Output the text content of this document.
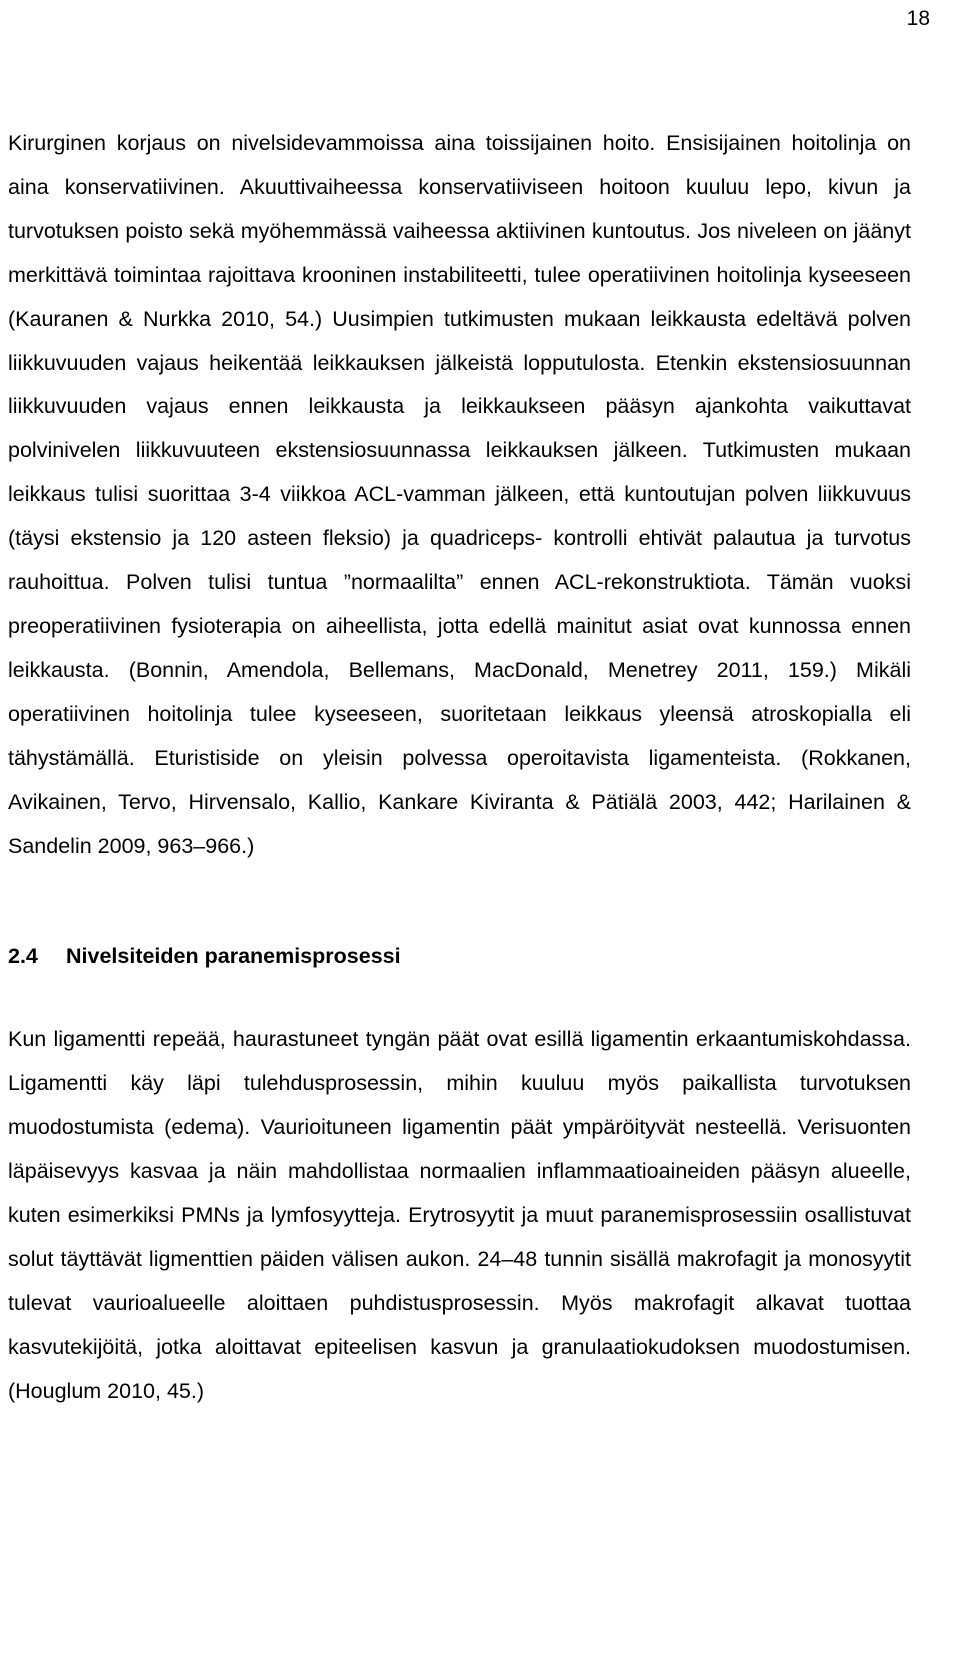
18

Kirurginen korjaus on nivelsidevammoissa aina toissijainen hoito. Ensisijainen hoitolinja on aina konservatiivinen. Akuuttivaiheessa konservatiiviseen hoitoon kuuluu lepo, kivun ja turvotuksen poisto sekä myöhemmässä vaiheessa aktiivinen kuntoutus. Jos niveleen on jäänyt merkittävä toimintaa rajoittava krooninen instabiliteetti, tulee operatiivinen hoitolinja kyseeseen (Kauranen & Nurkka 2010, 54.) Uusimpien tutkimusten mukaan leikkausta edeltävä polven liikkuvuuden vajaus heikentää leikkauksen jälkeistä lopputulosta. Etenkin ekstensiosuunnan liikkuvuuden vajaus ennen leikkausta ja leikkaukseen pääsyn ajankohta vaikuttavat polvinivelen liikkuvuuteen ekstensiosuunnassa leikkauksen jälkeen. Tutkimusten mukaan leikkaus tulisi suorittaa 3-4 viikkoa ACL-vamman jälkeen, että kuntoutujan polven liikkuvuus (täysi ekstensio ja 120 asteen fleksio) ja quadriceps- kontrolli ehtivät palautua ja turvotus rauhoittua. Polven tulisi tuntua ”normaalilta” ennen ACL-rekonstruktiota. Tämän vuoksi preoperatiivinen fysioterapia on aiheellista, jotta edellä mainitut asiat ovat kunnossa ennen leikkausta. (Bonnin, Amendola, Bellemans, MacDonald, Menetrey 2011, 159.) Mikäli operatiivinen hoitolinja tulee kyseeseen, suoritetaan leikkaus yleensä atroskopialla eli tähystämällä. Eturistiside on yleisin polvessa operoitavista ligamenteista. (Rokkanen, Avikainen, Tervo, Hirvensalo, Kallio, Kankare Kiviranta & Pätiälä 2003, 442; Harilainen & Sandelin 2009, 963–966.)

2.4	Nivelsiteiden paranemisprosessi

Kun ligamentti repeää, haurastuneet tyngän päät ovat esillä ligamentin erkaantumiskohdassa. Ligamentti käy läpi tulehdusprosessin, mihin kuuluu myös paikallista turvotuksen muodostumista (edema). Vaurioituneen ligamentin päät ympäröityvät nesteellä. Verisuonten läpäisevyys kasvaa ja näin mahdollistaa normaalien inflammaatioaineiden pääsyn alueelle, kuten esimerkiksi PMNs ja lymfosyytteja. Erytrosyytit ja muut paranemisprosessiin osallistuvat solut täyttävät ligmenttien päiden välisen aukon. 24–48 tunnin sisällä makrofagit ja monosyytit tulevat vaurioalueelle aloittaen puhdistusprosessin. Myös makrofagit alkavat tuottaa kasvutekijöitä, jotka aloittavat epiteelisen kasvun ja granulaatiokudoksen muodostumisen. (Houglum 2010, 45.)
